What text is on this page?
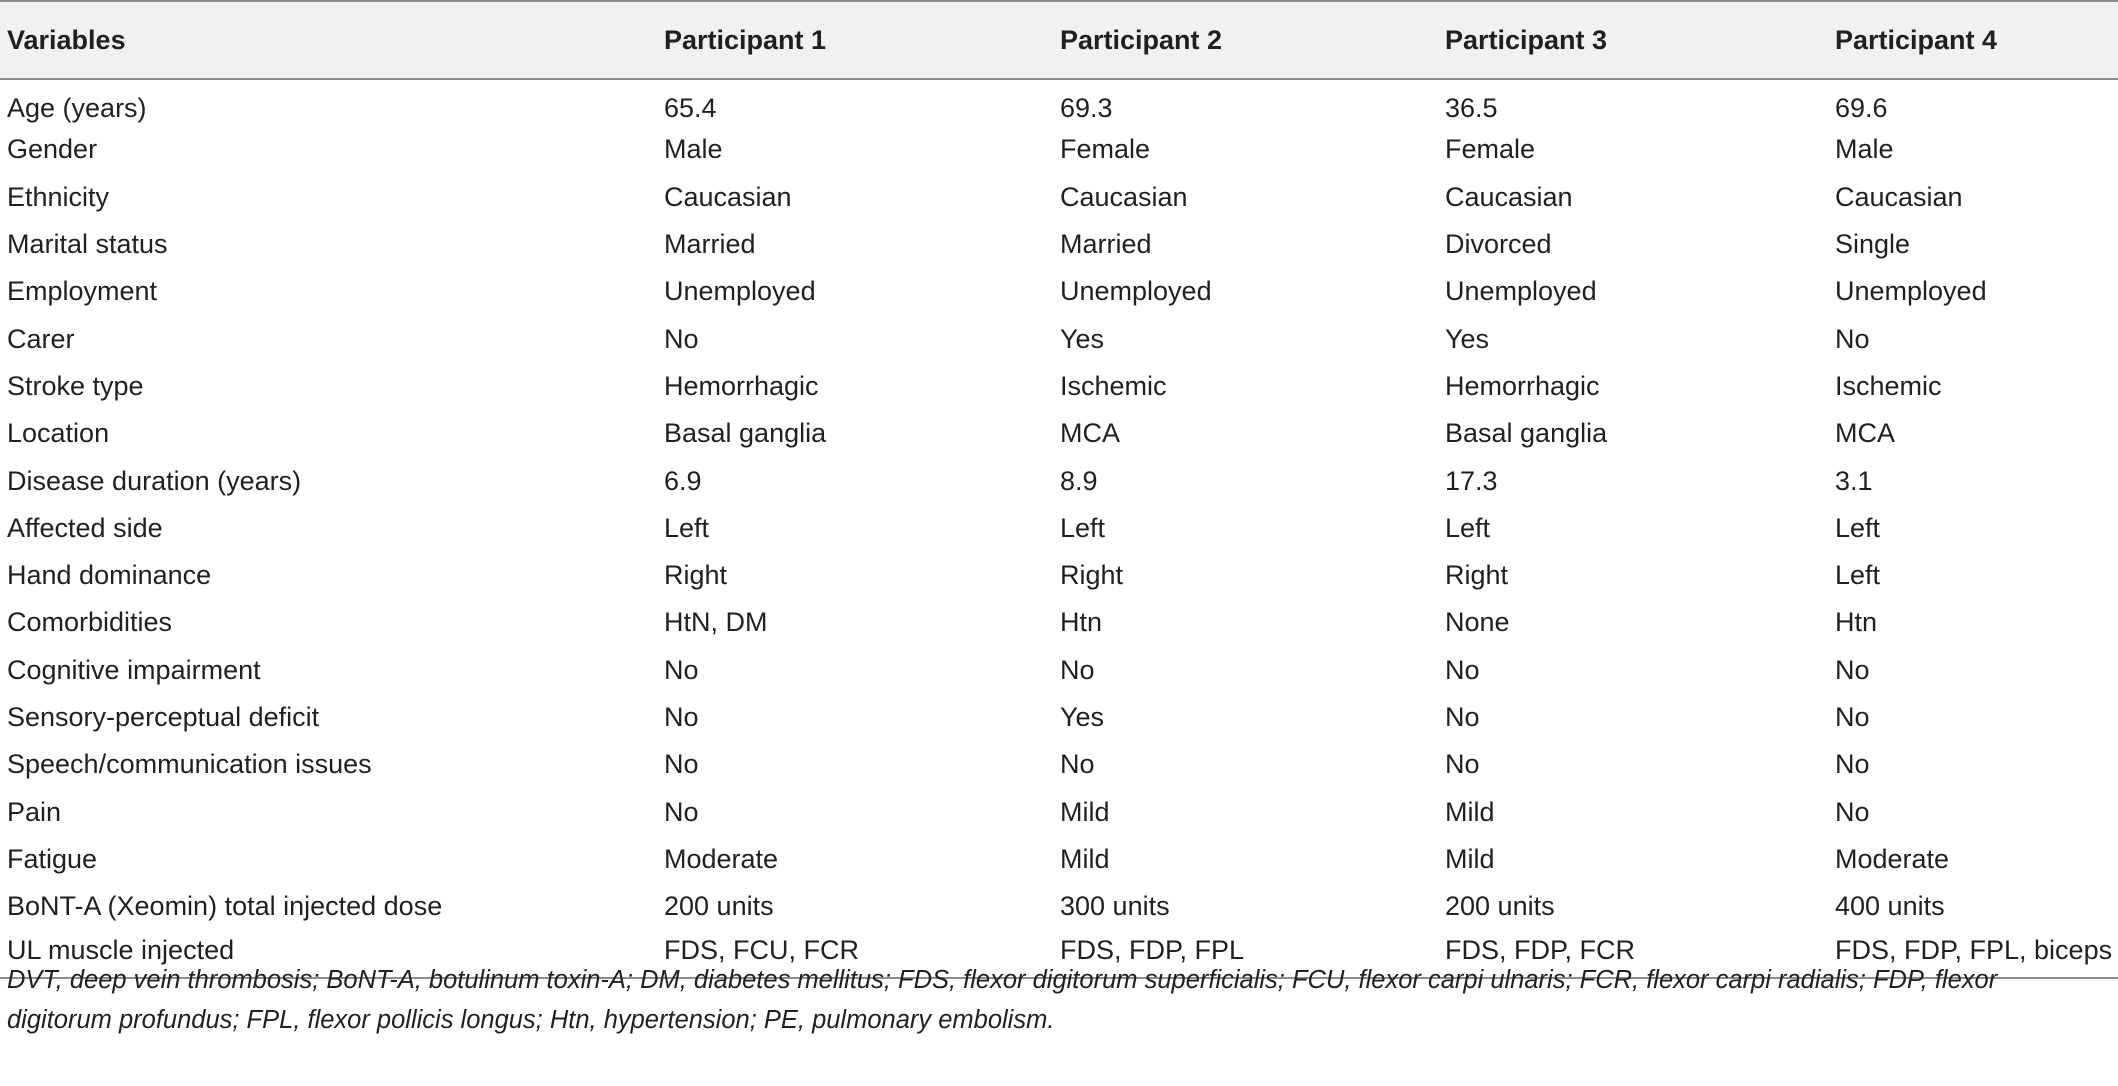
Variables	Participant 1	Participant 2	Participant 3	Participant 4
Age (years)	65.4	69.3	36.5	69.6
Gender	Male	Female	Female	Male
Ethnicity	Caucasian	Caucasian	Caucasian	Caucasian
Marital status	Married	Married	Divorced	Single
Employment	Unemployed	Unemployed	Unemployed	Unemployed
Carer	No	Yes	Yes	No
Stroke type	Hemorrhagic	Ischemic	Hemorrhagic	Ischemic
Location	Basal ganglia	MCA	Basal ganglia	MCA
Disease duration (years)	6.9	8.9	17.3	3.1
Affected side	Left	Left	Left	Left
Hand dominance	Right	Right	Right	Left
Comorbidities	HtN, DM	Htn	None	Htn
Cognitive impairment	No	No	No	No
Sensory-perceptual deficit	No	Yes	No	No
Speech/communication issues	No	No	No	No
Pain	No	Mild	Mild	No
Fatigue	Moderate	Mild	Mild	Moderate
BoNT-A (Xeomin) total injected dose	200 units	300 units	200 units	400 units
UL muscle injected	FDS, FCU, FCR	FDS, FDP, FPL	FDS, FDP, FCR	FDS, FDP, FPL, biceps
DVT, deep vein thrombosis; BoNT-A, botulinum toxin-A; DM, diabetes mellitus; FDS, flexor digitorum superficialis; FCU, flexor carpi ulnaris; FCR, flexor carpi radialis; FDP, flexor digitorum profundus; FPL, flexor pollicis longus; Htn, hypertension; PE, pulmonary embolism.
